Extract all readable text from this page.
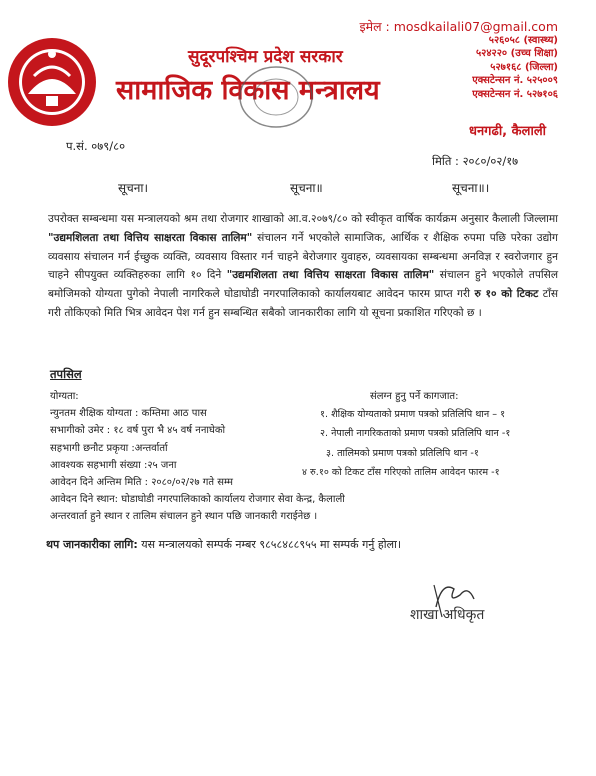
सुदूरपश्चिम प्रदेश सरकार
सामाजिक विकास मन्त्रालय
इमेल : mosdkailali07@gmail.com
५२६०५८ (स्वास्थ्य)
५२४२२० (उच्च शिक्षा)
५२७१६८ (जिल्ला)
एक्सटेन्सन नं. ५२५००९
एक्सटेन्सन नं. ५२७१०६
धनगढी, कैलाली
प.सं. ०७९/८०
मिति : २०८०/०२/१७
सूचना।	सूचना॥	सूचना॥।
उपरोक्त सम्बन्धमा यस मन्त्रालयको श्रम तथा रोजगार शाखाको आ.व.२०७९/८० को स्वीकृत वार्षिक कार्यक्रम अनुसार कैलाली जिल्लामा "उद्यमशिलता तथा वित्तिय साक्षरता विकास तालिम" संचालन गर्ने भएकोले सामाजिक, आर्थिक र शैक्षिक रुपमा पछि परेका उद्योग व्यवसाय संचालन गर्न ईच्छुक व्यक्ति, व्यवसाय विस्तार गर्न चाहने बेरोजगार युवाहरु, व्यवसायका सम्बन्धमा अनविज्ञ र स्वरोजगार हुन चाहने सीपयुक्त व्यक्तिहरुका लागि १० दिने "उद्यमशिलता तथा वित्तिय साक्षरता विकास तालिम" संचालन हुने भएकोले तपसिल बमोजिमको योग्यता पुगेको नेपाली नागरिकले घोडाघोडी नगरपालिकाको कार्यालयबाट आवेदन फारम प्राप्त गरी रु १० को टिकट टाँस गरी तोकिएको मिति भित्र आवेदन पेश गर्न हुन सम्बन्धित सबैको जानकारीका लागि यो सूचना प्रकाशित गरिएको छ ।
तपसिल
योग्यता:
न्युनतम शैक्षिक योग्यता : कम्तिमा आठ पास
सभागीको उमेर : १८ वर्ष पुरा भै ४५ वर्ष ननाघेको
सहभागी छनौट प्रकृया :अन्तर्वार्ता
आवश्यक सहभागी संख्या :२५ जना
आवेदन दिने अन्तिम मिति : २०८०/०२/२७ गते सम्म
आवेदन दिने स्थान: घोडाघोडी नगरपालिकाको कार्यालय रोजगार सेवा केन्द्र, कैलाली
अन्तरवार्ता हुने स्थान र तालिम संचालन हुने स्थान पछि जानकारी गराईनेछ ।
संलग्न हुनु पर्ने कागजात:
१. शैक्षिक योग्यताको प्रमाण पत्रको प्रतिलिपि थान – १
२. नेपाली नागरिकताको प्रमाण पत्रको प्रतिलिपि थान -१
३. तालिमको प्रमाण पत्रको प्रतिलिपि थान -१
४ रु.१० को टिकट टाँस गरिएको तालिम आवेदन फारम -१
थप जानकारीका लागि: यस मन्त्रालयको सम्पर्क नम्बर ९८५८४८८९५५ मा सम्पर्क गर्नु होला।
शाखा अधिकृत
